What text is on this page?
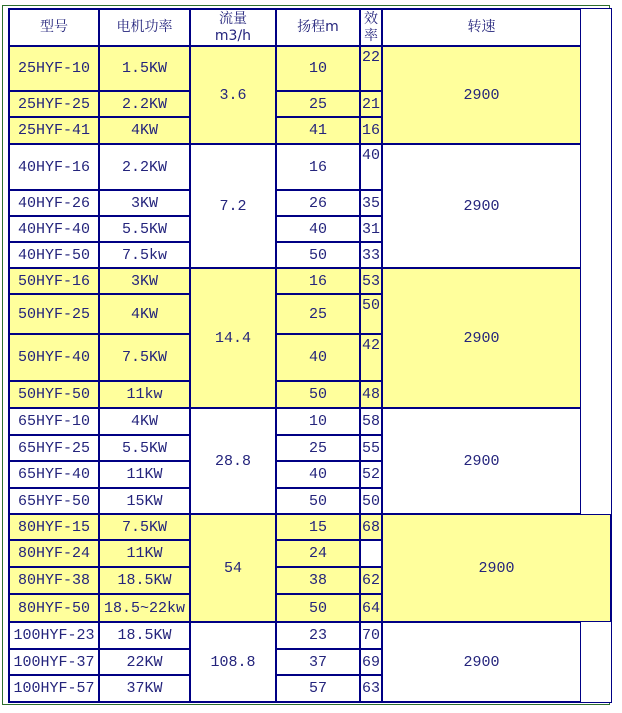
型号	电机功率
流量
m3/h
扬程m
效
率
转速
25HYF-10
25HYF-25
25HYF-41
1.5KW
2.2KW
4KW
3.6
10
25
41
22
21
16
2900
40HYF-16
40HYF-26
40HYF-40
40HYF-50
2.2KW
3KW
5.5KW
7.5kw
7.2
16
26
40
50
40
35
31
33
2900
50HYF-16
50HYF-25
50HYF-40
50HYF-50
3KW
4KW
7.5KW
11kw
14.4
16
25
40
50
53
50
42
48
2900
65HYF-10
65HYF-25
65HYF-40
65HYF-50
4KW
5.5KW
11KW
15KW
28.8
10
25
40
50
58
55
52
50
2900
80HYF-15
80HYF-24
80HYF-38
80HYF-50
7.5KW
11KW
18.5KW
18.5~22kw
54
15
24
38
50
68
62
64
2900
100HYF-23
100HYF-37
100HYF-57
18.5KW
22KW
37KW
108.8
23
37
57
70
69
63
2900
